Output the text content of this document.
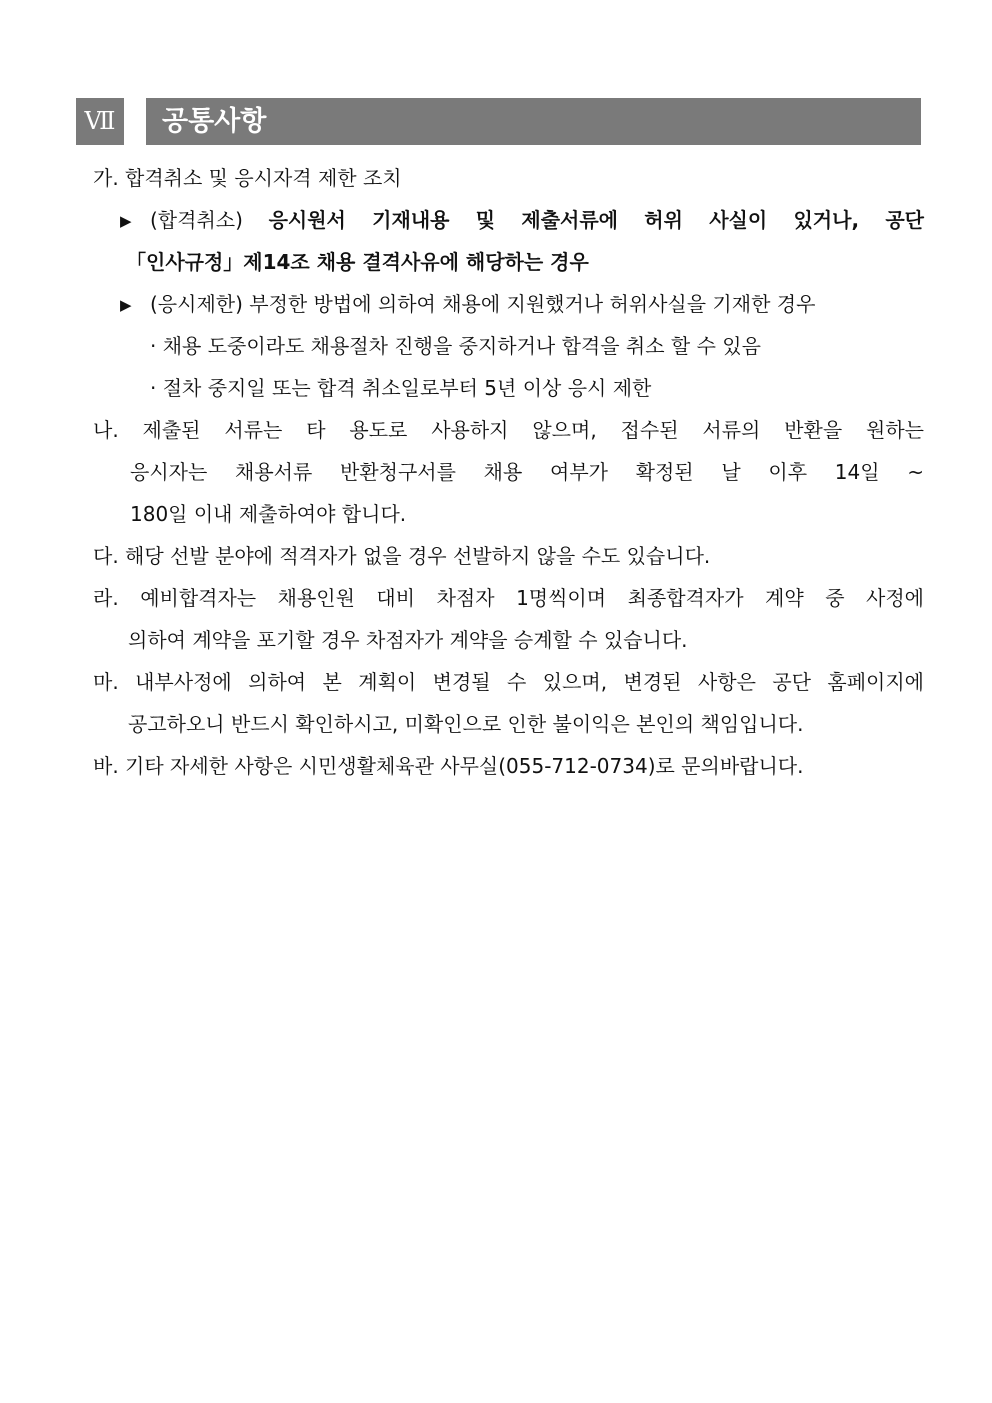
Ⅶ	공통사항
가. 합격취소 및 응시자격 제한 조치
▶ (합격취소) 응시원서 기재내용 및 제출서류에 허위 사실이 있거나, 공단
「인사규정」제14조 채용 결격사유에 해당하는 경우
▶ (응시제한) 부정한 방법에 의하여 채용에 지원했거나 허위사실을 기재한 경우
· 채용 도중이라도 채용절차 진행을 중지하거나 합격을 취소 할 수 있음
· 절차 중지일 또는 합격 취소일로부터 5년 이상 응시 제한
나. 제출된 서류는 타 용도로 사용하지 않으며, 접수된 서류의 반환을 원하는
응시자는 채용서류 반환청구서를 채용 여부가 확정된 날 이후 14일 ~
180일 이내 제출하여야 합니다.
다. 해당 선발 분야에 적격자가 없을 경우 선발하지 않을 수도 있습니다.
라. 예비합격자는 채용인원 대비 차점자 1명씩이며 최종합격자가 계약 중 사정에
의하여 계약을 포기할 경우 차점자가 계약을 승계할 수 있습니다.
마. 내부사정에 의하여 본 계획이 변경될 수 있으며, 변경된 사항은 공단 홈페이지에
공고하오니 반드시 확인하시고, 미확인으로 인한 불이익은 본인의 책임입니다.
바. 기타 자세한 사항은 시민생활체육관 사무실(055-712-0734)로 문의바랍니다.
